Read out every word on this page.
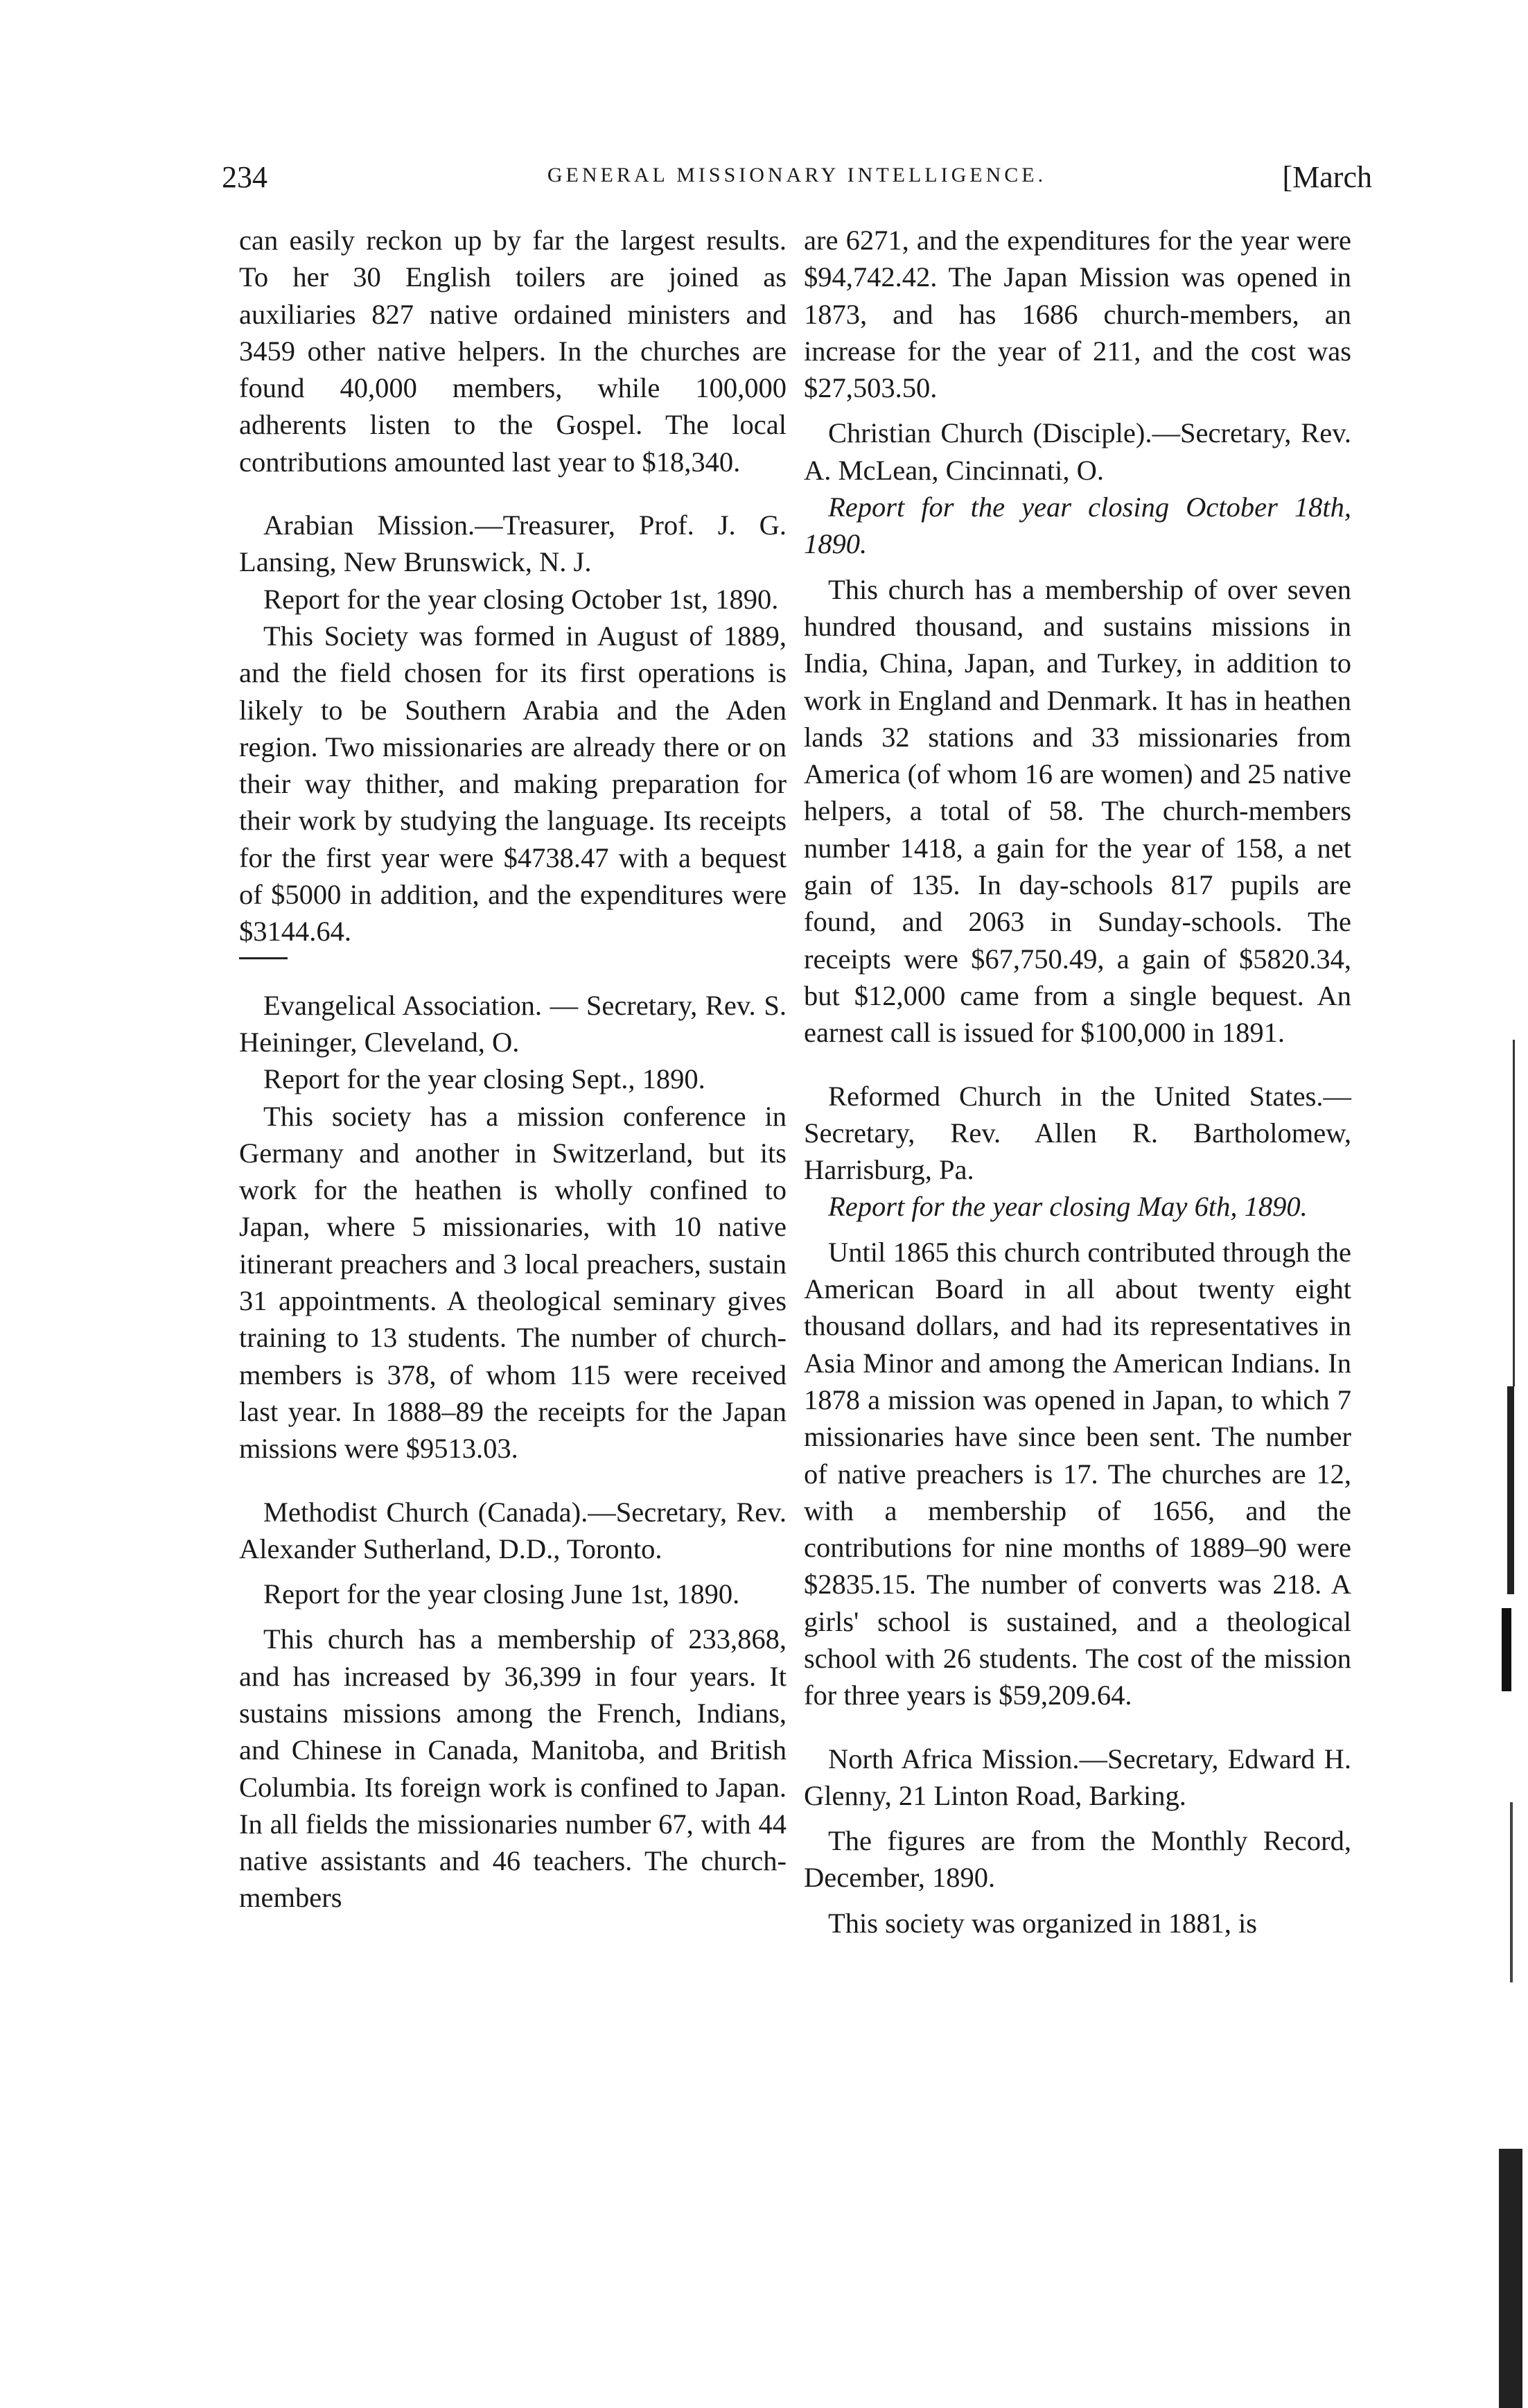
234	GENERAL MISSIONARY INTELLIGENCE.	[March

can easily reckon up by far the largest results. To her 30 English toilers are joined as auxiliaries 827 native ordained ministers and 3459 other native helpers. In the churches are found 40,000 members, while 100,000 adherents listen to the Gospel. The local contributions amounted last year to $18,340.

Arabian Mission.—Treasurer, Prof. J. G. Lansing, New Brunswick, N. J.

Report for the year closing October 1st, 1890.

This Society was formed in August of 1889, and the field chosen for its first operations is likely to be Southern Arabia and the Aden region. Two missionaries are already there or on their way thither, and making preparation for their work by studying the language. Its receipts for the first year were $4738.47 with a bequest of $5000 in addition, and the expenditures were $3144.64.

Evangelical Association. — Secretary, Rev. S. Heininger, Cleveland, O.

Report for the year closing Sept., 1890.

This society has a mission conference in Germany and another in Switzerland, but its work for the heathen is wholly confined to Japan, where 5 missionaries, with 10 native itinerant preachers and 3 local preachers, sustain 31 appointments. A theological seminary gives training to 13 students. The number of church-members is 378, of whom 115 were received last year. In 1888–89 the receipts for the Japan missions were $9513.03.

Methodist Church (Canada).—Secretary, Rev. Alexander Sutherland, D.D., Toronto.

Report for the year closing June 1st, 1890.

This church has a membership of 233,868, and has increased by 36,399 in four years. It sustains missions among the French, Indians, and Chinese in Canada, Manitoba, and British Columbia. Its foreign work is confined to Japan. In all fields the missionaries number 67, with 44 native assistants and 46 teachers. The church-members

are 6271, and the expenditures for the year were $94,742.42. The Japan Mission was opened in 1873, and has 1686 church-members, an increase for the year of 211, and the cost was $27,503.50.

Christian Church (Disciple).—Secretary, Rev. A. McLean, Cincinnati, O.

Report for the year closing October 18th, 1890.

This church has a membership of over seven hundred thousand, and sustains missions in India, China, Japan, and Turkey, in addition to work in England and Denmark. It has in heathen lands 32 stations and 33 missionaries from America (of whom 16 are women) and 25 native helpers, a total of 58. The church-members number 1418, a gain for the year of 158, a net gain of 135. In day-schools 817 pupils are found, and 2063 in Sunday-schools. The receipts were $67,750.49, a gain of $5820.34, but $12,000 came from a single bequest. An earnest call is issued for $100,000 in 1891.

Reformed Church in the United States.—Secretary, Rev. Allen R. Bartholomew, Harrisburg, Pa.

Report for the year closing May 6th, 1890.

Until 1865 this church contributed through the American Board in all about twenty eight thousand dollars, and had its representatives in Asia Minor and among the American Indians. In 1878 a mission was opened in Japan, to which 7 missionaries have since been sent. The number of native preachers is 17. The churches are 12, with a membership of 1656, and the contributions for nine months of 1889–90 were $2835.15. The number of converts was 218. A girls' school is sustained, and a theological school with 26 students. The cost of the mission for three years is $59,209.64.

North Africa Mission.—Secretary, Edward H. Glenny, 21 Linton Road, Barking.

The figures are from the Monthly Record, December, 1890.

This society was organized in 1881, is
